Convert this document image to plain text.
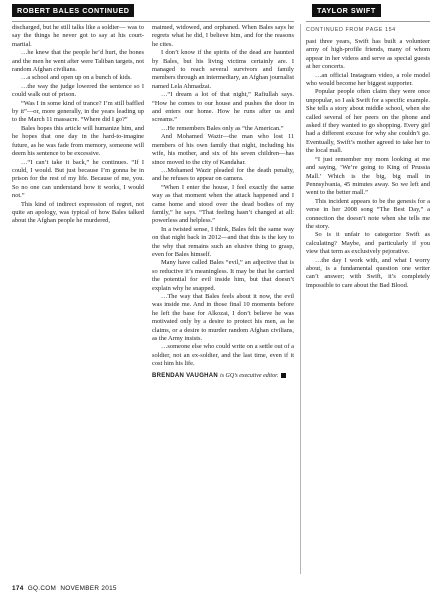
ROBERT BALES CONTINUED	TAYLOR SWIFT

discharged, but he still talks like a soldier— was to say the things he never got to say at his court-martial.

…he knew that the people he’d hurt, the bones and the men he went after were Taliban targets, not random Afghan civilians.

…a school and open up on a bunch of kids.

…the way the judge lowered the sentence so I could walk out of prison.

“Was I in some kind of trance? I’m still baffled by it”—or, more generally, in the years leading up to the March 11 massacre. “Where did I go?”

Bales hopes this article will humanize him, and he hopes that one day in the hard-to-imagine future, as he was fade from memory, someone will deem his sentence to be excessive.

…“I can’t take it back,” he continues. “If I could, I would. But just because I’m gonna be in prison for the rest of my life. Because of me, you. So no one can understand how it works, I would not.”

This kind of indirect expression of regret, not quite an apology, was typical of how Bales talked about the Afghan people he murdered,

maimed, widowed, and orphaned. When Bales says he regrets what he did, I believe him, and for the reasons he cites.

I don’t know if the spirits of the dead are haunted by Bales, but his living victims certainly are. I managed to reach several survivors and family members through an intermediary, an Afghan journalist named Lela Ahmadzai.

…“I dream a lot of that night,” Rafiullah says. “How he comes to our house and pushes the door in and enters our home. How he runs after us and screams.”

…He remembers Bales only as “the American.”

And Mohamed Wazir—the man who lost 11 members of his own family that night, including his wife, his mother, and six of his seven children—has since moved to the city of Kandahar.

…Mohamed Wazir pleaded for the death penalty, and he refuses to appear on camera.

“When I enter the house, I feel exactly the same way as that moment when the attack happened and I came home and stood over the dead bodies of my family,” he says. “That feeling hasn’t changed at all: powerless and helpless.”

In a twisted sense, I think, Bales felt the same way on that night back in 2012—and that this is the key to the why that remains such an elusive thing to grasp, even for Bales himself.

Many have called Bales “evil,” an adjective that is so reductive it’s meaningless. It may be that he carried the potential for evil inside him, but that doesn’t explain why he snapped.

…The way that Bales feels about it now, the evil was inside me. And in those final 10 moments before he left the base for Alkozai, I don’t believe he was motivated only by a desire to protect his men, as he claims, or a desire to murder random Afghan civilians, as the Army insists.

…someone else who could write on a settle out of a soldier, not an ex-soldier, and the last time, even if it cost him his life.

BRENDAN VAUGHAN is GQ’s executive editor.

CONTINUED FROM PAGE 154

past three years, Swift has built a volunteer army of high-profile friends, many of whom appear in her videos and serve as special guests at her concerts.

…an official Instagram video, a role model who would become her biggest supporter.

Popular people often claim they were once unpopular, so I ask Swift for a specific example. She tells a story about middle school, when she called several of her peers on the phone and asked if they wanted to go shopping. Every girl had a different excuse for why she couldn’t go. Eventually, Swift’s mother agreed to take her to the local mall.

“I just remember my mom looking at me and saying, ‘We’re going to King of Prussia Mall.’ Which is the big, big mall in Pennsylvania, 45 minutes away. So we left and went to the better mall.”

This incident appears to be the genesis for a verse in her 2008 song “The Best Day,” a connection the doesn’t note when she tells me the story.

So is it unfair to categorize Swift as calculating? Maybe, and particularly if you view that term as exclusively pejorative.

…the day I work with, and what I worry about, is a fundamental question one writer can’t answer; with Swift, it’s completely impossible to care about the Bad Blood.

174 GQ.COM NOVEMBER 2015
